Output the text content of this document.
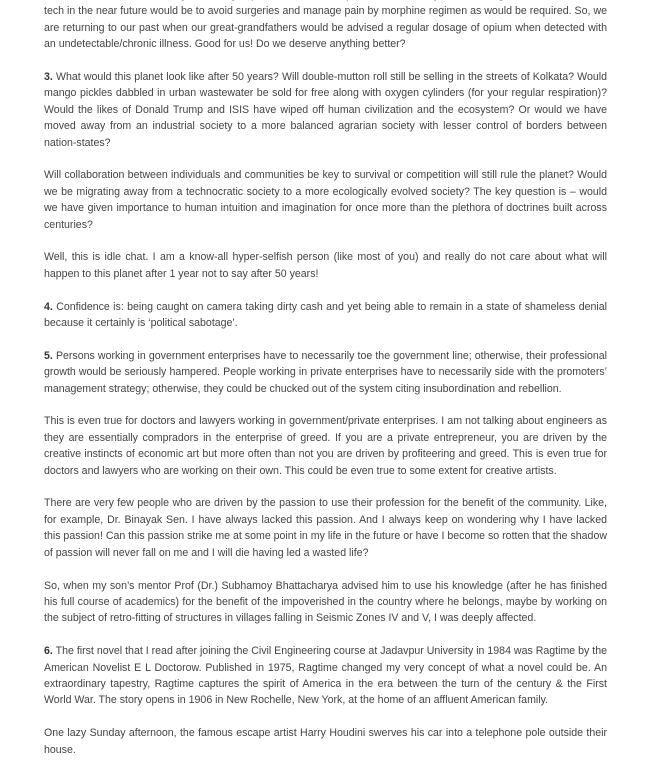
tech in the near future would be to avoid surgeries and manage pain by morphine regimen as would be required. So, we are returning to our past when our great-grandfathers would be advised a regular dosage of opium when detected with an undetectable/chronic illness. Good for us! Do we deserve anything better?

3. What would this planet look like after 50 years? Will double-mutton roll still be selling in the streets of Kolkata? Would mango pickles dabbled in urban wastewater be sold for free along with oxygen cylinders (for your regular respiration)? Would the likes of Donald Trump and ISIS have wiped off human civilization and the ecosystem? Or would we have moved away from an industrial society to a more balanced agrarian society with lesser control of borders between nation-states?

Will collaboration between individuals and communities be key to survival or competition will still rule the planet? Would we be migrating away from a technocratic society to a more ecologically evolved society? The key question is – would we have given importance to human intuition and imagination for once more than the plethora of doctrines built across centuries?

Well, this is idle chat. I am a know-all hyper-selfish person (like most of you) and really do not care about what will happen to this planet after 1 year not to say after 50 years!

4. Confidence is: being caught on camera taking dirty cash and yet being able to remain in a state of shameless denial because it certainly is ‘political sabotage’.

5. Persons working in government enterprises have to necessarily toe the government line; otherwise, their professional growth would be seriously hampered. People working in private enterprises have to necessarily side with the promoters’ management strategy; otherwise, they could be chucked out of the system citing insubordination and rebellion.

This is even true for doctors and lawyers working in government/private enterprises. I am not talking about engineers as they are essentially compradors in the enterprise of greed. If you are a private entrepreneur, you are driven by the creative instincts of economic art but more often than not you are driven by profiteering and greed. This is even true for doctors and lawyers who are working on their own. This could be even true to some extent for creative artists.

There are very few people who are driven by the passion to use their profession for the benefit of the community. Like, for example, Dr. Binayak Sen. I have always lacked this passion. And I always keep on wondering why I have lacked this passion! Can this passion strike me at some point in my life in the future or have I become so rotten that the shadow of passion will never fall on me and I will die having led a wasted life?

So, when my son’s mentor Prof (Dr.) Subhamoy Bhattacharya advised him to use his knowledge (after he has finished his full course of academics) for the benefit of the impoverished in the country where he belongs, maybe by working on the subject of retro-fitting of structures in villages falling in Seismic Zones IV and V, I was deeply affected.

6. The first novel that I read after joining the Civil Engineering course at Jadavpur University in 1984 was Ragtime by the American Novelist E L Doctorow. Published in 1975, Ragtime changed my very concept of what a novel could be. An extraordinary tapestry, Ragtime captures the spirit of America in the era between the turn of the century & the First World War. The story opens in 1906 in New Rochelle, New York, at the home of an affluent American family.

One lazy Sunday afternoon, the famous escape artist Harry Houdini swerves his car into a telephone pole outside their house.
